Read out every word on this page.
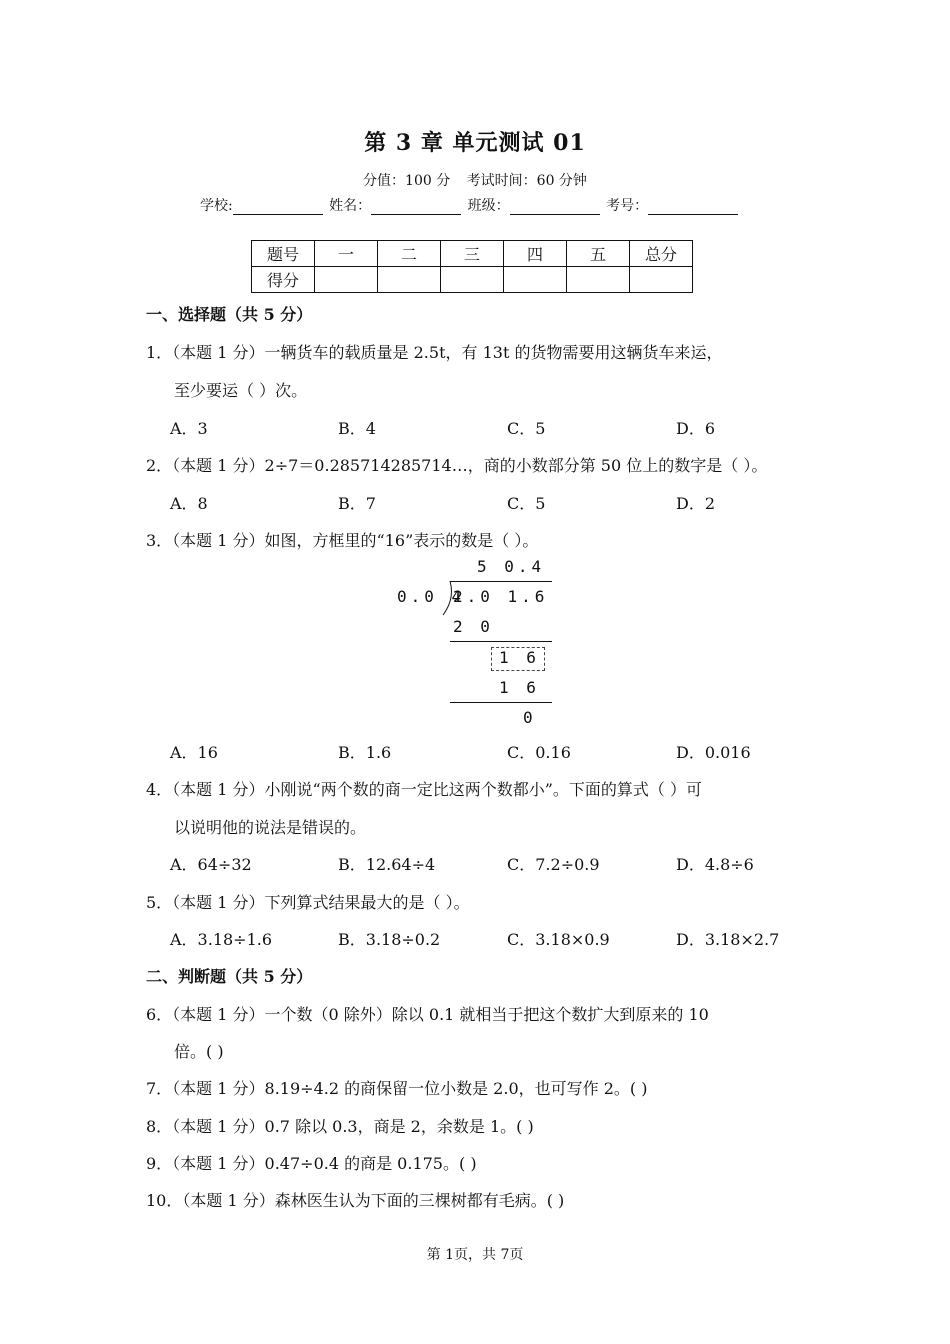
第 3 章 单元测试 01
分值：100 分 考试时间：60 分钟
学校:	姓名：	班级：	考号：
题号	一	二	三	四	五	总分
得分						
一、选择题（共 5 分）
1．（本题 1 分）一辆货车的载质量是 2.5t，有 13t 的货物需要用这辆货车来运，
至少要运（ ）次。
A．3	B．4	C．5	D．6
2．（本题 1 分）2÷7＝0.285714285714…，商的小数部分第 50 位上的数字是（ ）。
A．8	B．7	C．5	D．2
3．（本题 1 分）如图，方框里的“16”表示的数是（ ）。
5 0.4
0.0 4
2.0 1.6
2 0
1 6
1 6
0
A．16	B．1.6	C．0.16	D．0.016
4．（本题 1 分）小刚说“两个数的商一定比这两个数都小”。下面的算式（ ）可
以说明他的说法是错误的。
A．64÷32	B．12.64÷4	C．7.2÷0.9	D．4.8÷6
5．（本题 1 分）下列算式结果最大的是（ ）。
A．3.18÷1.6	B．3.18÷0.2	C．3.18×0.9	D．3.18×2.7
二、判断题（共 5 分）
6．（本题 1 分）一个数（0 除外）除以 0.1 就相当于把这个数扩大到原来的 10
倍。( )
7．（本题 1 分）8.19÷4.2 的商保留一位小数是 2.0，也可写作 2。( )
8．（本题 1 分）0.7 除以 0.3，商是 2，余数是 1。( )
9．（本题 1 分）0.47÷0.4 的商是 0.175。( )
10．（本题 1 分）森林医生认为下面的三棵树都有毛病。( )
第 1页，共 7页
